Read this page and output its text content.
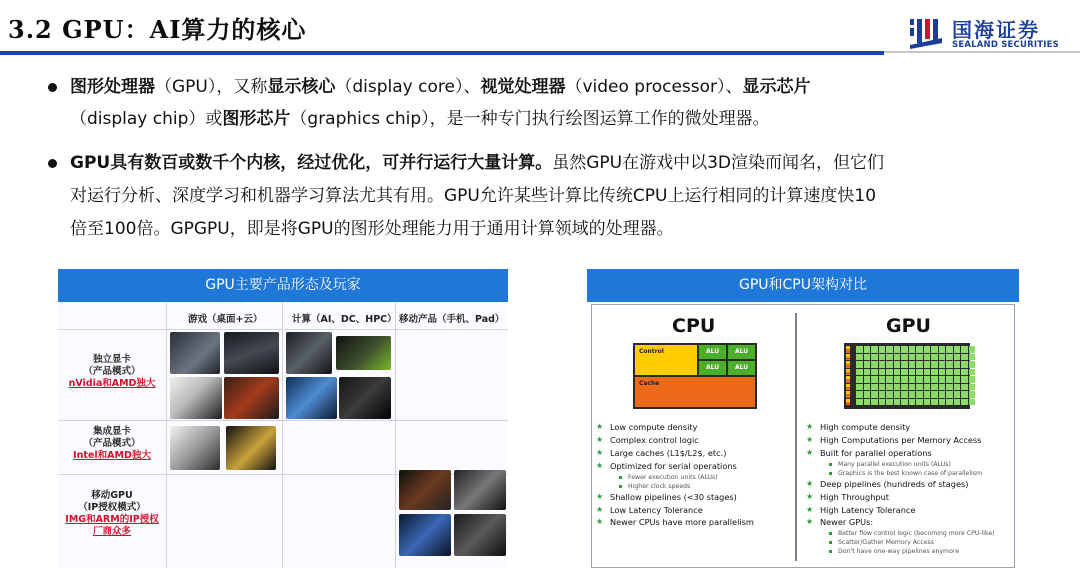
3.2 GPU：AI算力的核心	国海证券
SEALAND SECURITIES
图形处理器（GPU），又称显示核心（display core）、视觉处理器（video processor）、显示芯片
（display chip）或图形芯片（graphics chip），是一种专门执行绘图运算工作的微处理器。
GPU具有数百或数千个内核，经过优化，可并行运行大量计算。虽然GPU在游戏中以3D渲染而闻名，但它们
对运行分析、深度学习和机器学习算法尤其有用。GPU允许某些计算比传统CPU上运行相同的计算速度快10
倍至100倍。GPGPU，即是将GPU的图形处理能力用于通用计算领域的处理器。
GPU主要产品形态及玩家
游戏（桌面+云）	计算（AI、DC、HPC） 移动产品（手机、Pad）
独立显卡
（产品模式）
nVidia和AMD独大
集成显卡
（产品模式）
Intel和AMD独大
移动GPU
（IP授权模式）
IMG和ARM的IP授权
厂商众多
GPU和CPU架构对比
CPU
Control	ALU	ALU
ALU	ALU
Cache
★ Low compute density
★ Complex control logic
★ Large caches (L1$/L2$, etc.)
★ Optimized for serial operations
Fewer execution units (ALUs)
Higher clock speeds
★ Shallow pipelines (<30 stages)
★ Low Latency Tolerance
★ Newer CPUs have more parallelism
GPU
★ High compute density
★ High Computations per Memory Access
★ Built for parallel operations
Many parallel execution units (ALUs)
Graphics is the best known case of parallelism
★ Deep pipelines (hundreds of stages)
★ High Throughput
★ High Latency Tolerance
★ Newer GPUs:
Better flow control logic (becoming more CPU-like)
Scatter/Gather Memory Access
Don't have one-way pipelines anymore
